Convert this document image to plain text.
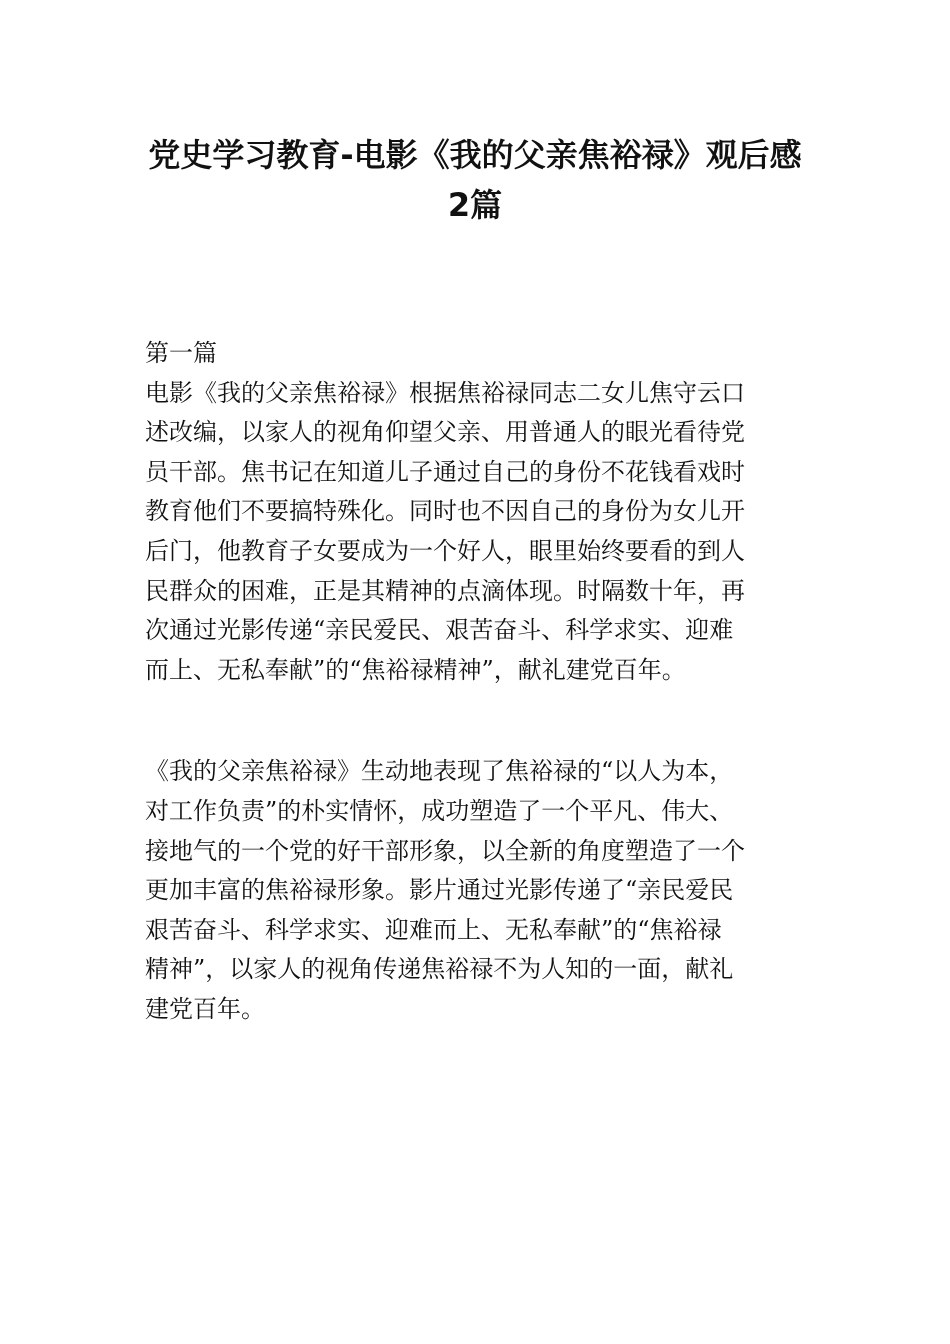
党史学习教育-电影《我的父亲焦裕禄》观后感
2篇
第一篇
电影《我的父亲焦裕禄》根据焦裕禄同志二女儿焦守云口
述改编，以家人的视角仰望父亲、用普通人的眼光看待党
员干部。焦书记在知道儿子通过自己的身份不花钱看戏时
教育他们不要搞特殊化。同时也不因自己的身份为女儿开
后门，他教育子女要成为一个好人，眼里始终要看的到人
民群众的困难，正是其精神的点滴体现。时隔数十年，再
次通过光影传递“亲民爱民、艰苦奋斗、科学求实、迎难
而上、无私奉献”的“焦裕禄精神”，献礼建党百年。
《我的父亲焦裕禄》生动地表现了焦裕禄的“以人为本，
对工作负责”的朴实情怀，成功塑造了一个平凡、伟大、
接地气的一个党的好干部形象，以全新的角度塑造了一个
更加丰富的焦裕禄形象。影片通过光影传递了“亲民爱民
艰苦奋斗、科学求实、迎难而上、无私奉献”的“焦裕禄
精神”，以家人的视角传递焦裕禄不为人知的一面，献礼
建党百年。
